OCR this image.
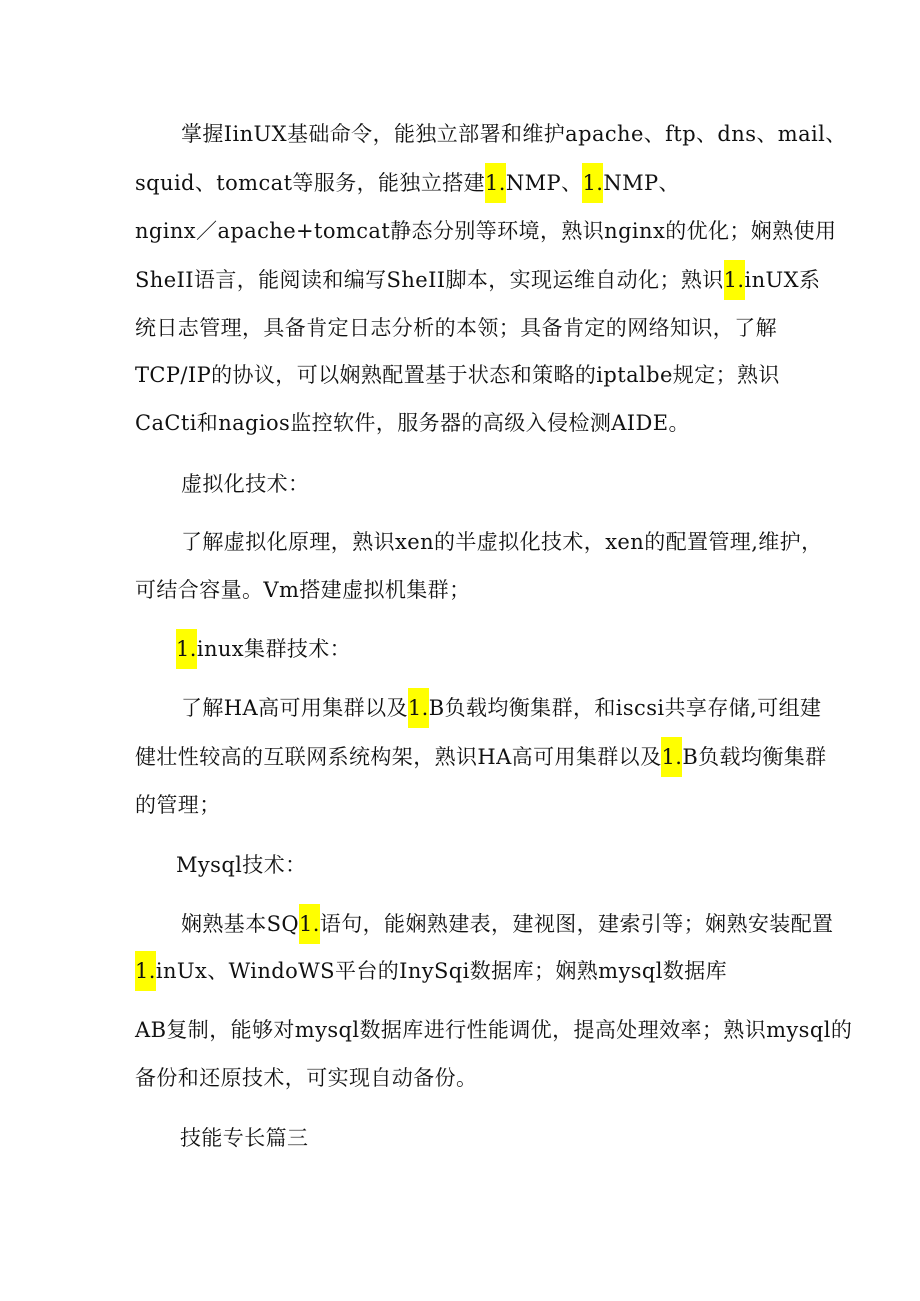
掌握IinUX基础命令，能独立部署和维护apache、ftp、dns、mail、
squid、tomcat等服务，能独立搭建1.NMP、1.NMP、
nginx／apache+tomcat静态分别等环境，熟识nginx的优化；娴熟使用
SheII语言，能阅读和编写SheII脚本，实现运维自动化；熟识1.inUX系
统日志管理，具备肯定日志分析的本领；具备肯定的网络知识，了解
TCP/IP的协议，可以娴熟配置基于状态和策略的iptalbe规定；熟识
CaCti和nagios监控软件，服务器的高级入侵检测AIDE。
虚拟化技术：
了解虚拟化原理，熟识xen的半虚拟化技术，xen的配置管理,维护，
可结合容量。Vm搭建虚拟机集群；
1.inux集群技术：
了解HA高可用集群以及1.B负载均衡集群，和iscsi共享存储,可组建
健壮性较高的互联网系统构架，熟识HA高可用集群以及1.B负载均衡集群
的管理；
Mysql技术：
娴熟基本SQ1.语句，能娴熟建表，建视图，建索引等；娴熟安装配置
1.inUx、WindoWS平台的InySqi数据库；娴熟mysql数据库
AB复制，能够对mysql数据库进行性能调优，提高处理效率；熟识mysql的
备份和还原技术，可实现自动备份。
技能专长篇三
